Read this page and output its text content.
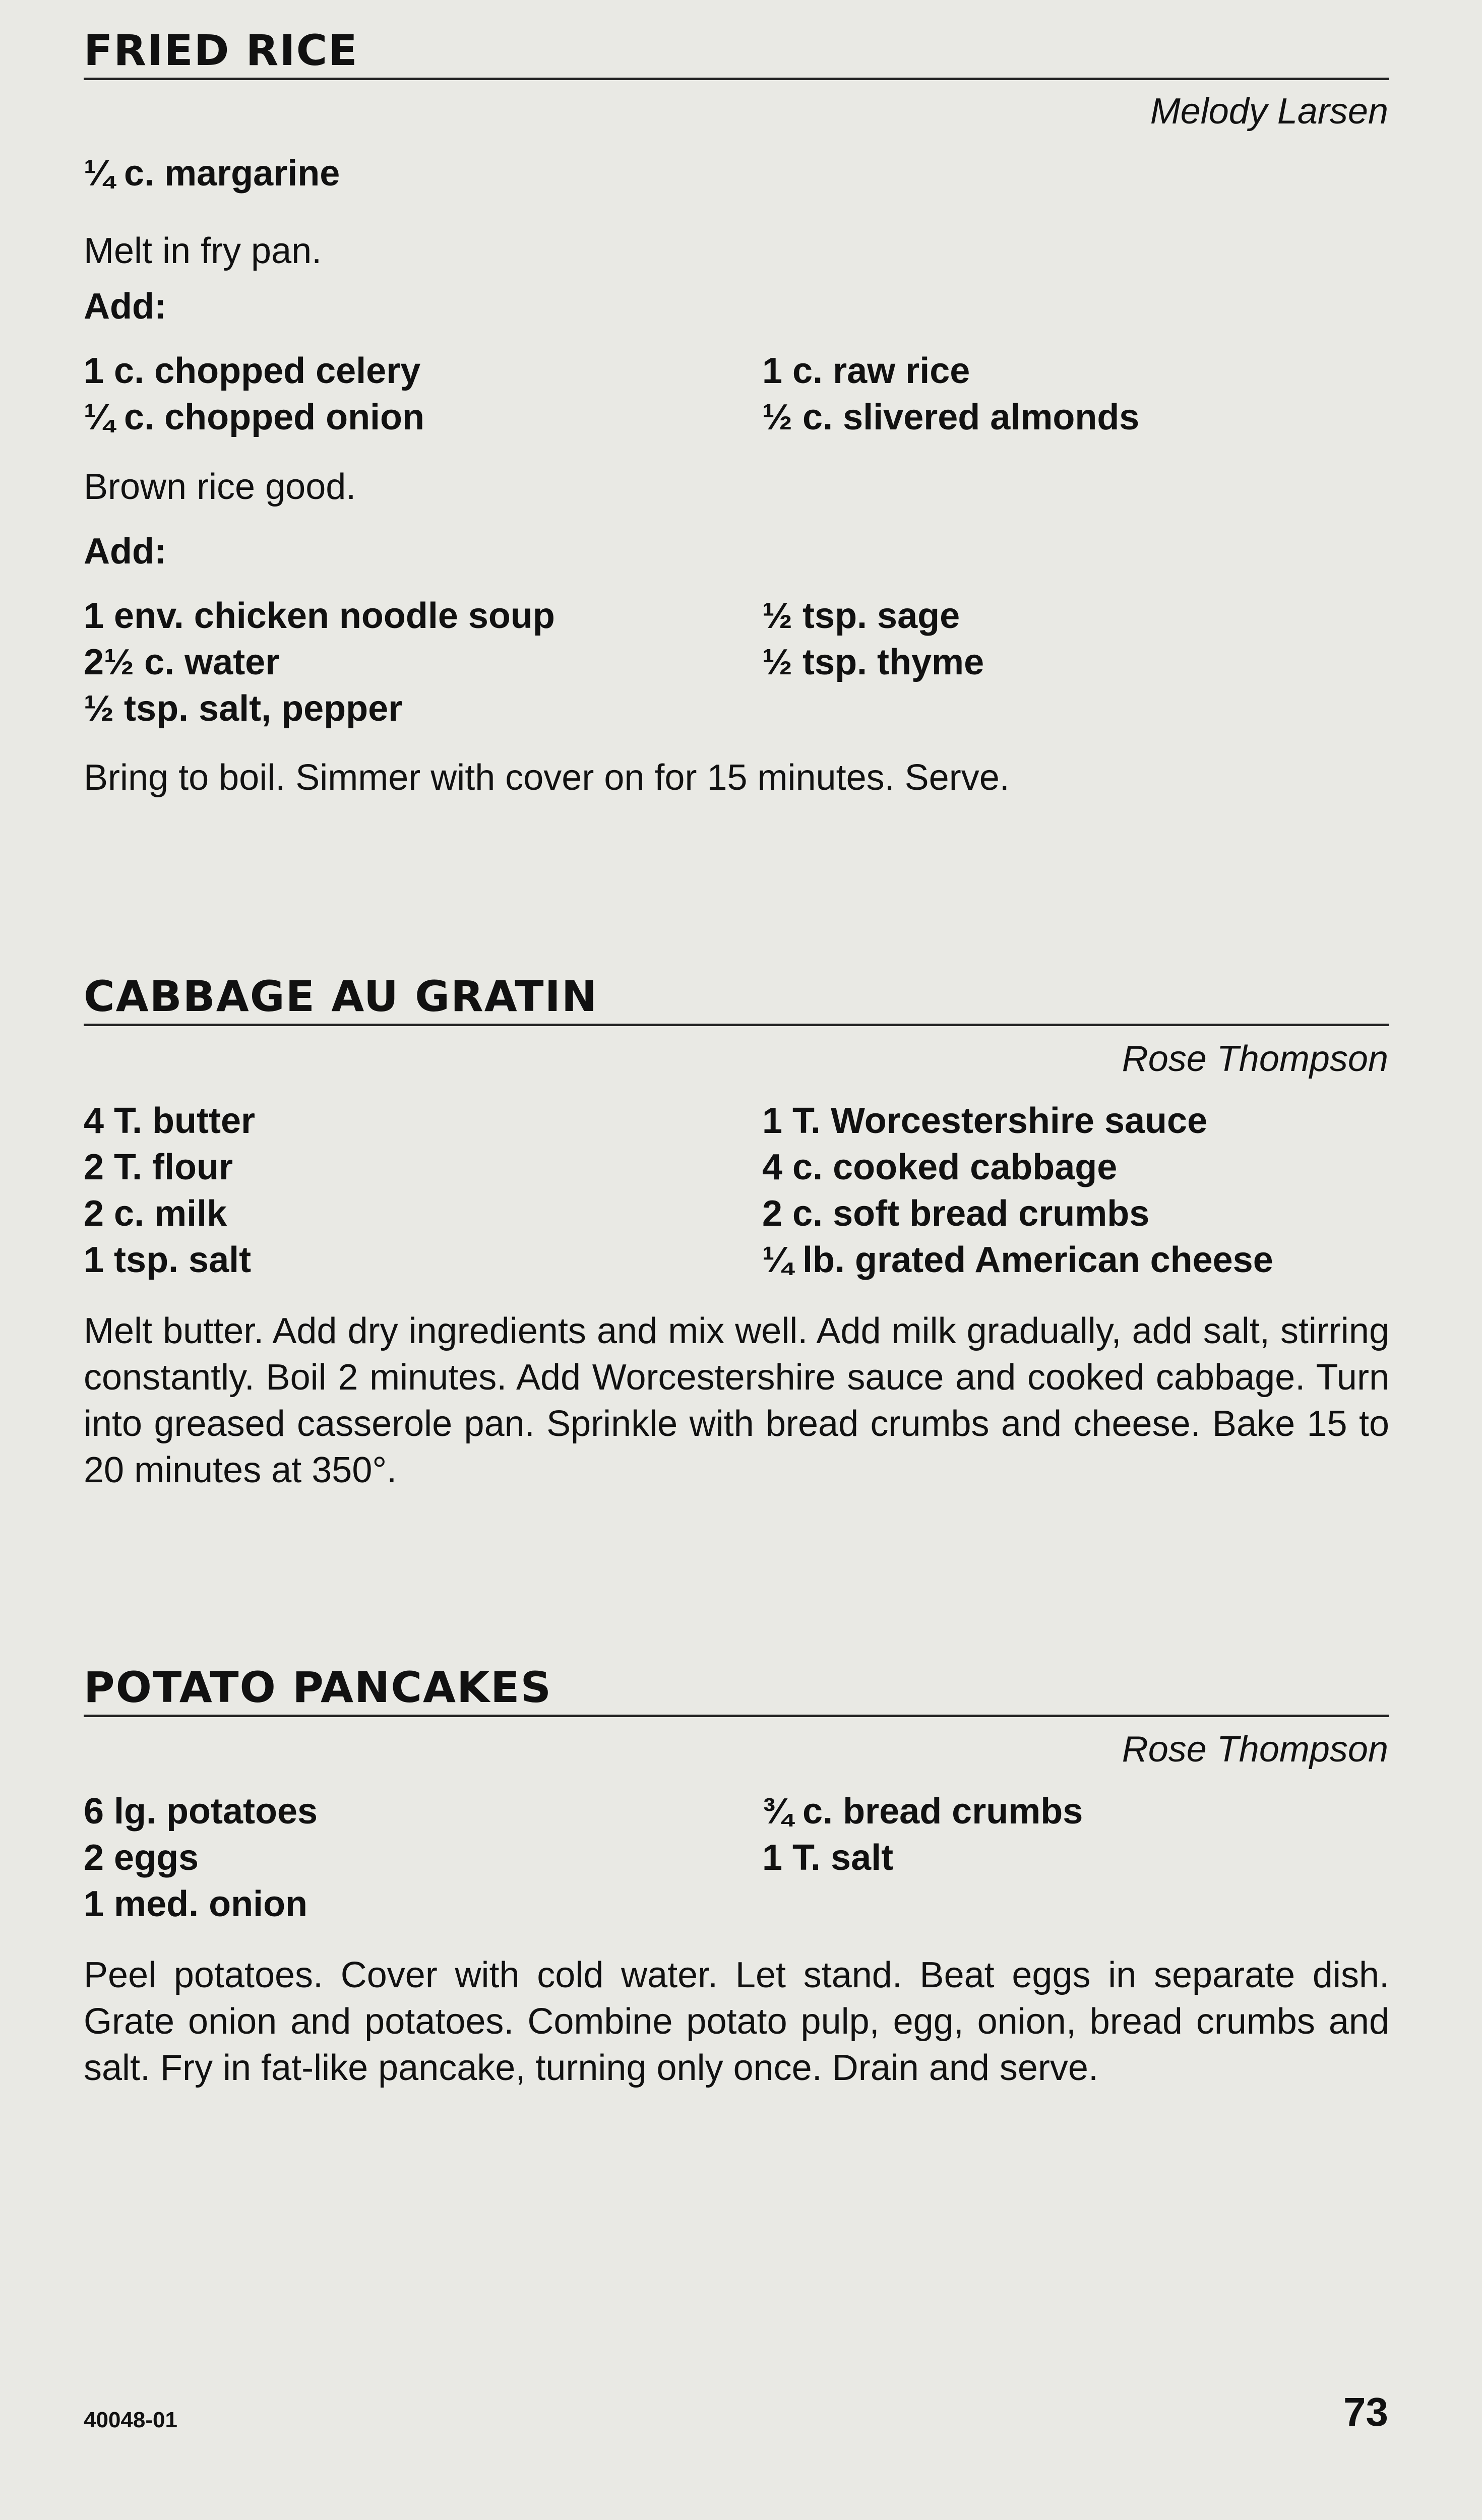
FRIED RICE
Melody Larsen
¼ c. margarine
Melt in fry pan.
Add:
1 c. chopped celery
¼ c. chopped onion
1 c. raw rice
½ c. slivered almonds
Brown rice good.
Add:
1 env. chicken noodle soup
2½ c. water
½ tsp. salt, pepper
½ tsp. sage
½ tsp. thyme
Bring to boil. Simmer with cover on for 15 minutes. Serve.
CABBAGE AU GRATIN
Rose Thompson
4 T. butter
2 T. flour
2 c. milk
1 tsp. salt
1 T. Worcestershire sauce
4 c. cooked cabbage
2 c. soft bread crumbs
¼ lb. grated American cheese
Melt butter. Add dry ingredients and mix well. Add milk gradually, add salt, stirring constantly. Boil 2 minutes. Add Worcestershire sauce and cooked cabbage. Turn into greased casserole pan. Sprinkle with bread crumbs and cheese. Bake 15 to 20 minutes at 350°.
POTATO PANCAKES
Rose Thompson
6 lg. potatoes
2 eggs
1 med. onion
¾ c. bread crumbs
1 T. salt
Peel potatoes. Cover with cold water. Let stand. Beat eggs in separate dish. Grate onion and potatoes. Combine potato pulp, egg, onion, bread crumbs and salt. Fry in fat-like pancake, turning only once. Drain and serve.
40048-01	73
